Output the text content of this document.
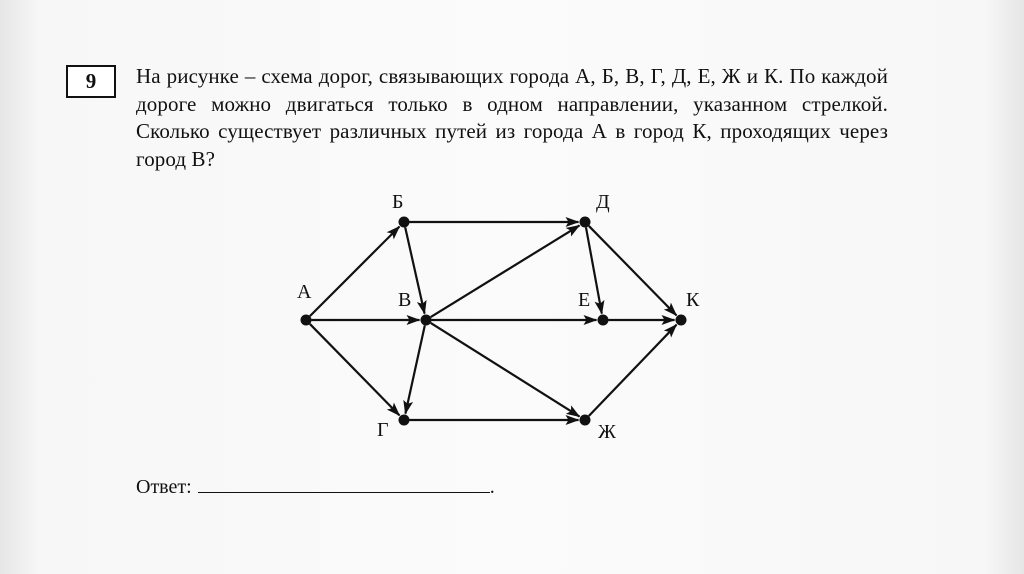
9	На рисунке – схема дорог, связывающих города А, Б, В, Г, Д, Е, Ж и К. По каждой дороге можно двигаться только в одном направлении, указанном стрелкой. Сколько существует различных путей из города А в город К, проходящих через город В?
А
Б
В
Г
Д
Е
Ж
К
Ответ:	.
